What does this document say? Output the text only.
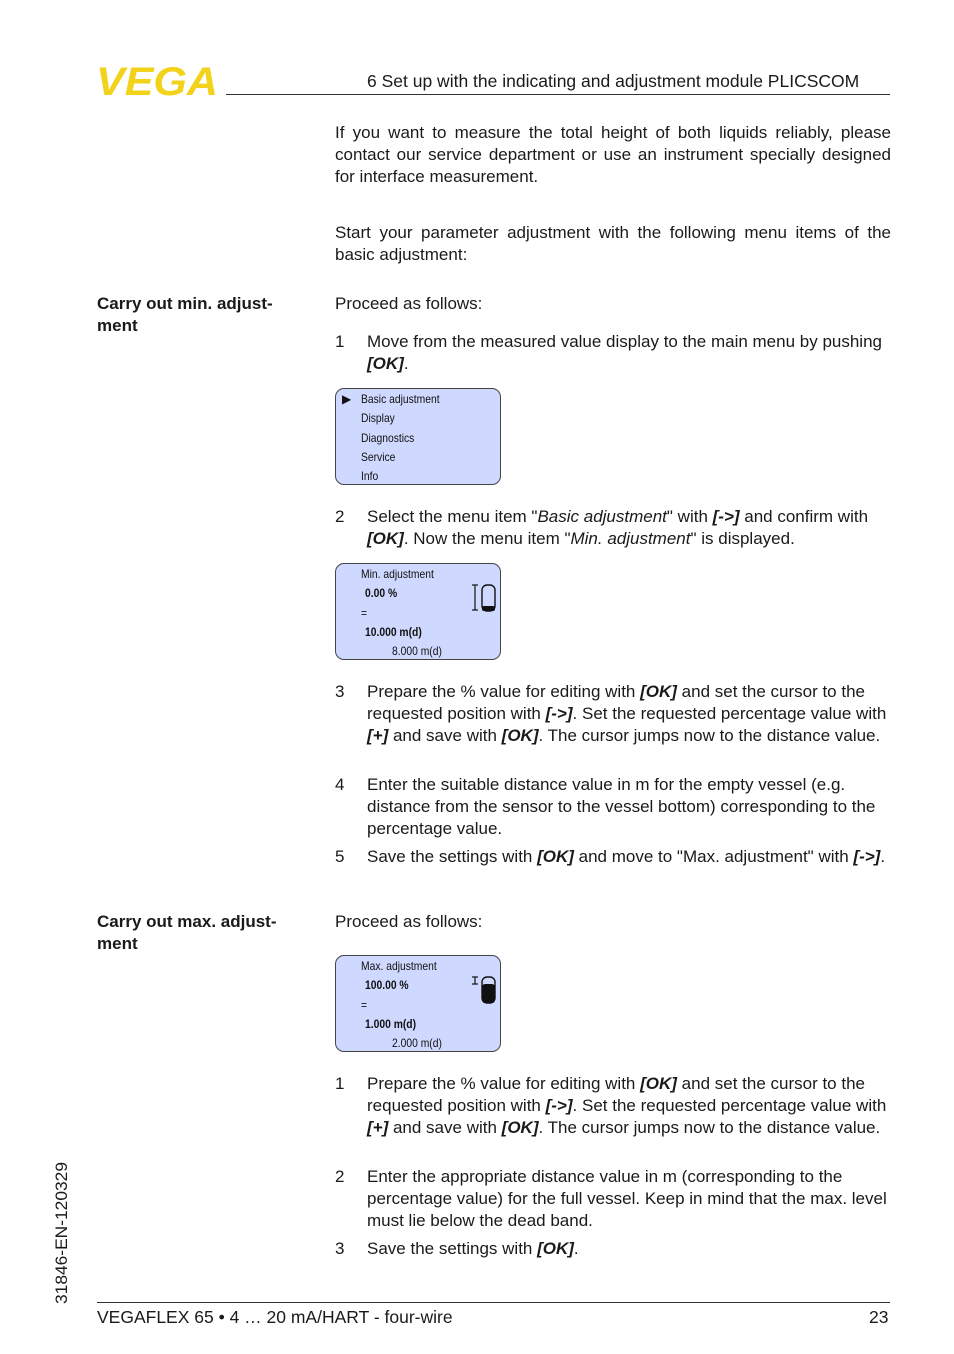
VEGA	6 Set up with the indicating and adjustment module PLICSCOM
If you want to measure the total height of both liquids reliably, please contact our service department or use an instrument specially designed for interface measurement.
Start your parameter adjustment with the following menu items of the basic adjustment:
Carry out min. adjust-ment
Proceed as follows:
1 Move from the measured value display to the main menu by pushing [OK].
▶ Basic adjustment
Display
Diagnostics
Service
Info
2 Select the menu item "Basic adjustment" with [->] and confirm with [OK]. Now the menu item "Min. adjustment" is displayed.
Min. adjustment
0.00 %
=
10.000 m(d)
8.000 m(d)
3 Prepare the % value for editing with [OK] and set the cursor to the requested position with [->]. Set the requested percentage value with [+] and save with [OK]. The cursor jumps now to the distance value.
4 Enter the suitable distance value in m for the empty vessel (e.g. distance from the sensor to the vessel bottom) corresponding to the percentage value.
5 Save the settings with [OK] and move to "Max. adjustment" with [->].
Carry out max. adjust-ment
Proceed as follows:
Max. adjustment
100.00 %
=
1.000 m(d)
2.000 m(d)
1 Prepare the % value for editing with [OK] and set the cursor to the requested position with [->]. Set the requested percentage value with [+] and save with [OK]. The cursor jumps now to the distance value.
2 Enter the appropriate distance value in m (corresponding to the percentage value) for the full vessel. Keep in mind that the max. level must lie below the dead band.
3 Save the settings with [OK].
31846-EN-120329
VEGAFLEX 65 • 4 … 20 mA/HART - four-wire	23
